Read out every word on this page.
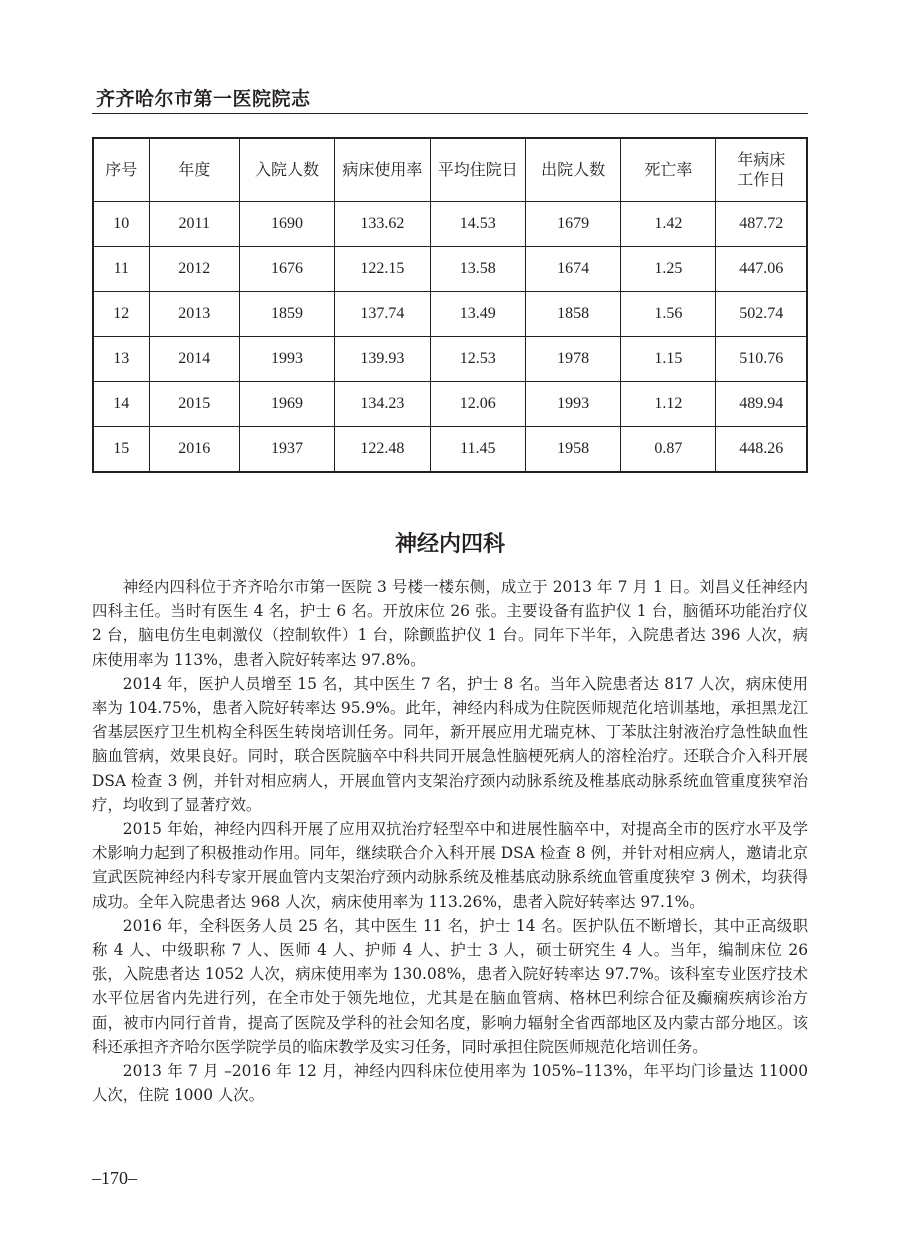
齐齐哈尔市第一医院院志
序号	年度	入院人数	病床使用率	平均住院日	出院人数	死亡率	年病床
工作日
10	2011	1690	133.62	14.53	1679	1.42	487.72
11	2012	1676	122.15	13.58	1674	1.25	447.06
12	2013	1859	137.74	13.49	1858	1.56	502.74
13	2014	1993	139.93	12.53	1978	1.15	510.76
14	2015	1969	134.23	12.06	1993	1.12	489.94
15	2016	1937	122.48	11.45	1958	0.87	448.26
神经内四科

神经内四科位于齐齐哈尔市第一医院 3 号楼一楼东侧，成立于 2013 年 7 月 1 日。刘昌义任神经内四科主任。当时有医生 4 名，护士 6 名。开放床位 26 张。主要设备有监护仪 1 台，脑循环功能治疗仪 2 台，脑电仿生电刺激仪（控制软件）1 台，除颤监护仪 1 台。同年下半年，入院患者达 396 人次，病床使用率为 113%，患者入院好转率达 97.8%。

2014 年，医护人员增至 15 名，其中医生 7 名，护士 8 名。当年入院患者达 817 人次，病床使用率为 104.75%，患者入院好转率达 95.9%。此年，神经内科成为住院医师规范化培训基地，承担黑龙江省基层医疗卫生机构全科医生转岗培训任务。同年，新开展应用尤瑞克林、丁苯肽注射液治疗急性缺血性脑血管病，效果良好。同时，联合医院脑卒中科共同开展急性脑梗死病人的溶栓治疗。还联合介入科开展 DSA 检查 3 例，并针对相应病人，开展血管内支架治疗颈内动脉系统及椎基底动脉系统血管重度狭窄治疗，均收到了显著疗效。

2015 年始，神经内四科开展了应用双抗治疗轻型卒中和进展性脑卒中，对提高全市的医疗水平及学术影响力起到了积极推动作用。同年，继续联合介入科开展 DSA 检查 8 例，并针对相应病人，邀请北京宣武医院神经内科专家开展血管内支架治疗颈内动脉系统及椎基底动脉系统血管重度狭窄 3 例术，均获得成功。全年入院患者达 968 人次，病床使用率为 113.26%，患者入院好转率达 97.1%。

2016 年，全科医务人员 25 名，其中医生 11 名，护士 14 名。医护队伍不断增长，其中正高级职称 4 人、中级职称 7 人、医师 4 人、护师 4 人、护士 3 人，硕士研究生 4 人。当年，编制床位 26 张，入院患者达 1052 人次，病床使用率为 130.08%，患者入院好转率达 97.7%。该科室专业医疗技术水平位居省内先进行列，在全市处于领先地位，尤其是在脑血管病、格林巴利综合征及癫痫疾病诊治方面，被市内同行首肯，提高了医院及学科的社会知名度，影响力辐射全省西部地区及内蒙古部分地区。该科还承担齐齐哈尔医学院学员的临床教学及实习任务，同时承担住院医师规范化培训任务。

2013 年 7 月 –2016 年 12 月，神经内四科床位使用率为 105%–113%，年平均门诊量达 11000 人次，住院 1000 人次。

–170–
